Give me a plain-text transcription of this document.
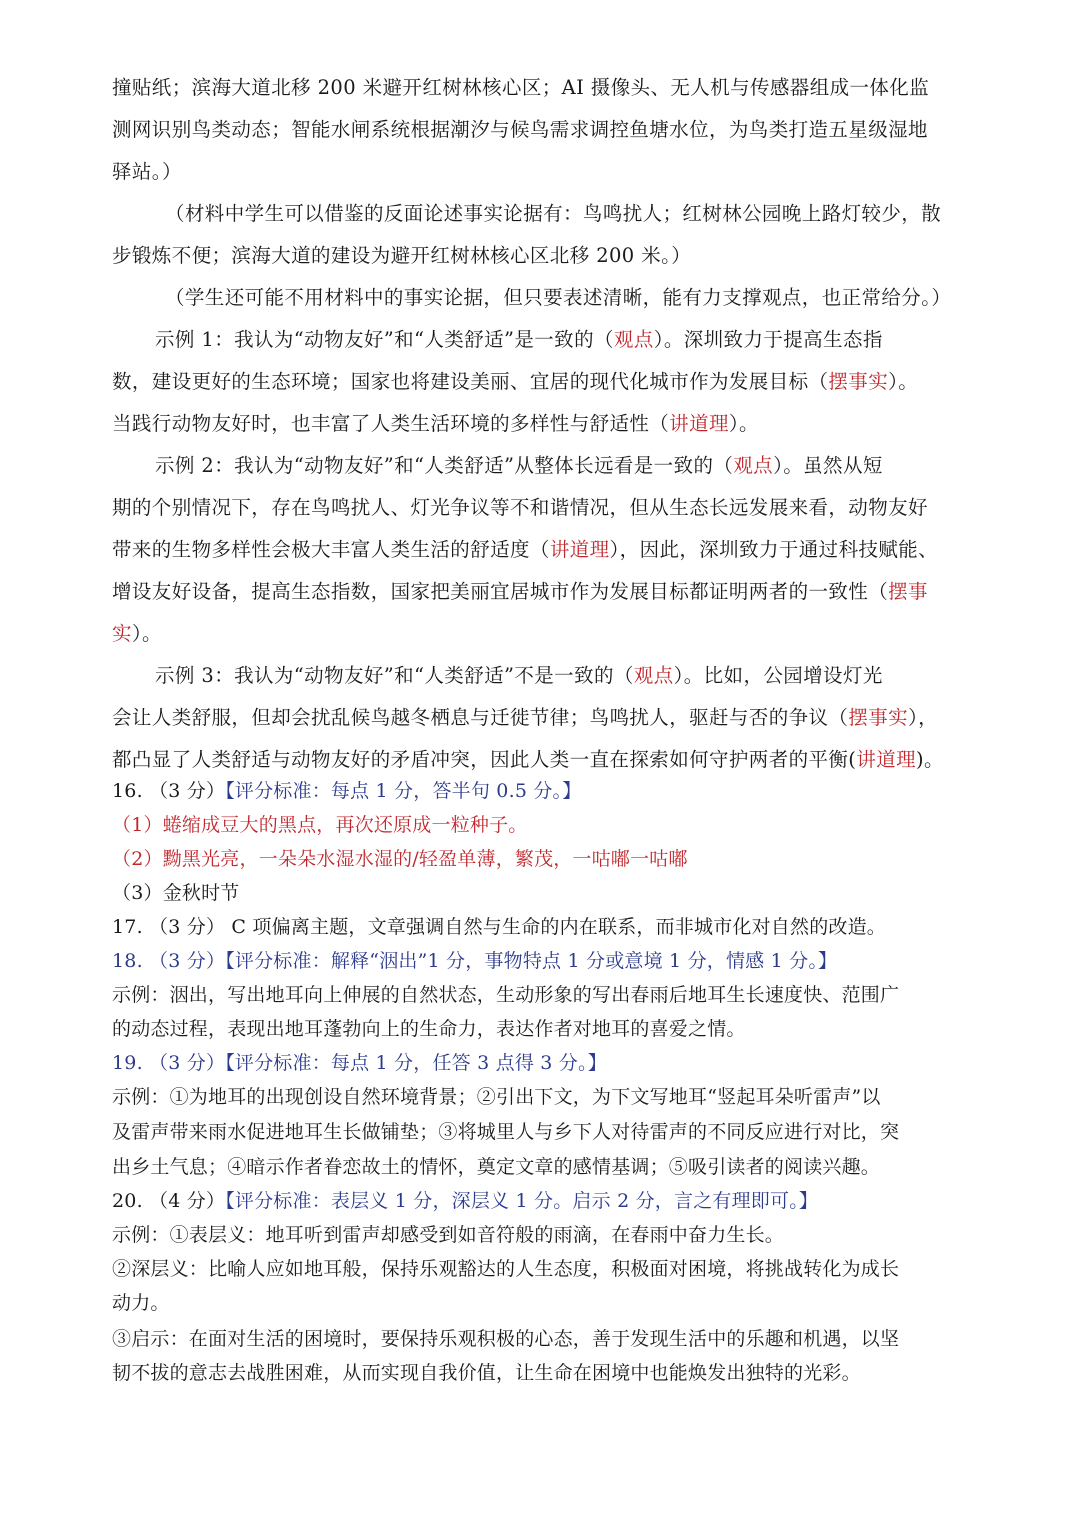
撞贴纸；滨海大道北移 200 米避开红树林核心区；AI 摄像头、无人机与传感器组成一体化监
测网识别鸟类动态；智能水闸系统根据潮汐与候鸟需求调控鱼塘水位，为鸟类打造五星级湿地
驿站。）
（材料中学生可以借鉴的反面论述事实论据有：鸟鸣扰人；红树林公园晚上路灯较少，散
步锻炼不便；滨海大道的建设为避开红树林核心区北移 200 米。）
（学生还可能不用材料中的事实论据，但只要表述清晰，能有力支撑观点，也正常给分。）
示例 1：我认为“动物友好”和“人类舒适”是一致的（观点）。深圳致力于提高生态指
数，建设更好的生态环境；国家也将建设美丽、宜居的现代化城市作为发展目标（摆事实）。
当践行动物友好时，也丰富了人类生活环境的多样性与舒适性（讲道理）。
示例 2：我认为“动物友好”和“人类舒适”从整体长远看是一致的（观点）。虽然从短
期的个别情况下，存在鸟鸣扰人、灯光争议等不和谐情况，但从生态长远发展来看，动物友好
带来的生物多样性会极大丰富人类生活的舒适度（讲道理），因此，深圳致力于通过科技赋能、
增设友好设备，提高生态指数，国家把美丽宜居城市作为发展目标都证明两者的一致性（摆事
实）。
示例 3：我认为“动物友好”和“人类舒适”不是一致的（观点）。比如，公园增设灯光
会让人类舒服，但却会扰乱候鸟越冬栖息与迁徙节律；鸟鸣扰人，驱赶与否的争议（摆事实），
都凸显了人类舒适与动物友好的矛盾冲突，因此人类一直在探索如何守护两者的平衡(讲道理)。
16. （3 分）【评分标准：每点 1 分，答半句 0.5 分。】
（1）蜷缩成豆大的黑点，再次还原成一粒种子。
（2）黝黑光亮，一朵朵水湿水湿的/轻盈单薄，繁茂，一咕嘟一咕嘟
（3）金秋时节
17. （3 分） C 项偏离主题，文章强调自然与生命的内在联系，而非城市化对自然的改造。
18. （3 分）【评分标准：解释“洇出”1 分，事物特点 1 分或意境 1 分，情感 1 分。】
示例：洇出，写出地耳向上伸展的自然状态，生动形象的写出春雨后地耳生长速度快、范围广
的动态过程，表现出地耳蓬勃向上的生命力，表达作者对地耳的喜爱之情。
19. （3 分）【评分标准：每点 1 分，任答 3 点得 3 分。】
示例：①为地耳的出现创设自然环境背景；②引出下文，为下文写地耳“竖起耳朵听雷声”以
及雷声带来雨水促进地耳生长做铺垫；③将城里人与乡下人对待雷声的不同反应进行对比，突
出乡土气息；④暗示作者眷恋故土的情怀，奠定文章的感情基调；⑤吸引读者的阅读兴趣。
20. （4 分）【评分标准：表层义 1 分，深层义 1 分。启示 2 分，言之有理即可。】
示例：①表层义：地耳听到雷声却感受到如音符般的雨滴，在春雨中奋力生长。
②深层义：比喻人应如地耳般，保持乐观豁达的人生态度，积极面对困境，将挑战转化为成长
动力。
③启示：在面对生活的困境时，要保持乐观积极的心态，善于发现生活中的乐趣和机遇，以坚
韧不拔的意志去战胜困难，从而实现自我价值，让生命在困境中也能焕发出独特的光彩。
